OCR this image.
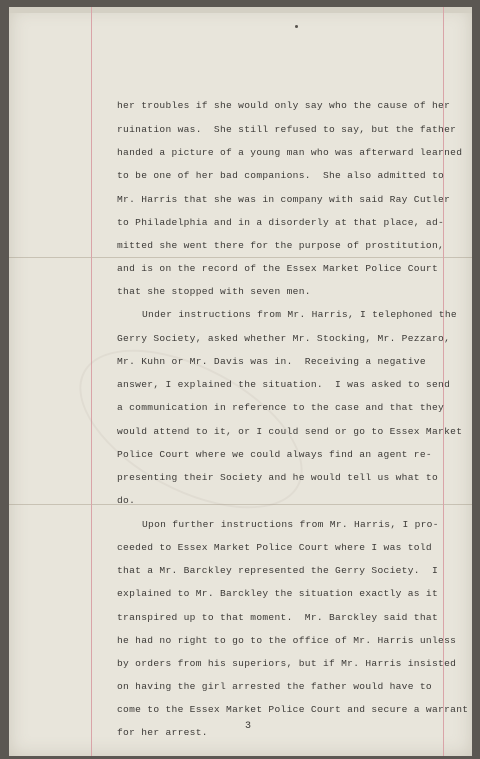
her troubles if she would only say who the cause of her
ruination was.  She still refused to say, but the father
handed a picture of a young man who was afterward learned
to be one of her bad companions.  She also admitted to
Mr. Harris that she was in company with said Ray Cutler
to Philadelphia and in a disorderly at that place, ad-
mitted she went there for the purpose of prostitution,
and is on the record of the Essex Market Police Court
that she stopped with seven men.
Under instructions from Mr. Harris, I telephoned the
Gerry Society, asked whether Mr. Stocking, Mr. Pezzaro,
Mr. Kuhn or Mr. Davis was in.  Receiving a negative
answer, I explained the situation.  I was asked to send
a communication in reference to the case and that they
would attend to it, or I could send or go to Essex Market
Police Court where we could always find an agent re-
presenting their Society and he would tell us what to
do.
Upon further instructions from Mr. Harris, I pro-
ceeded to Essex Market Police Court where I was told
that a Mr. Barckley represented the Gerry Society.  I
explained to Mr. Barckley the situation exactly as it
transpired up to that moment.  Mr. Barckley said that
he had no right to go to the office of Mr. Harris unless
by orders from his superiors, but if Mr. Harris insisted
on having the girl arrested the father would have to
come to the Essex Market Police Court and secure a warrant
for her arrest.
3
